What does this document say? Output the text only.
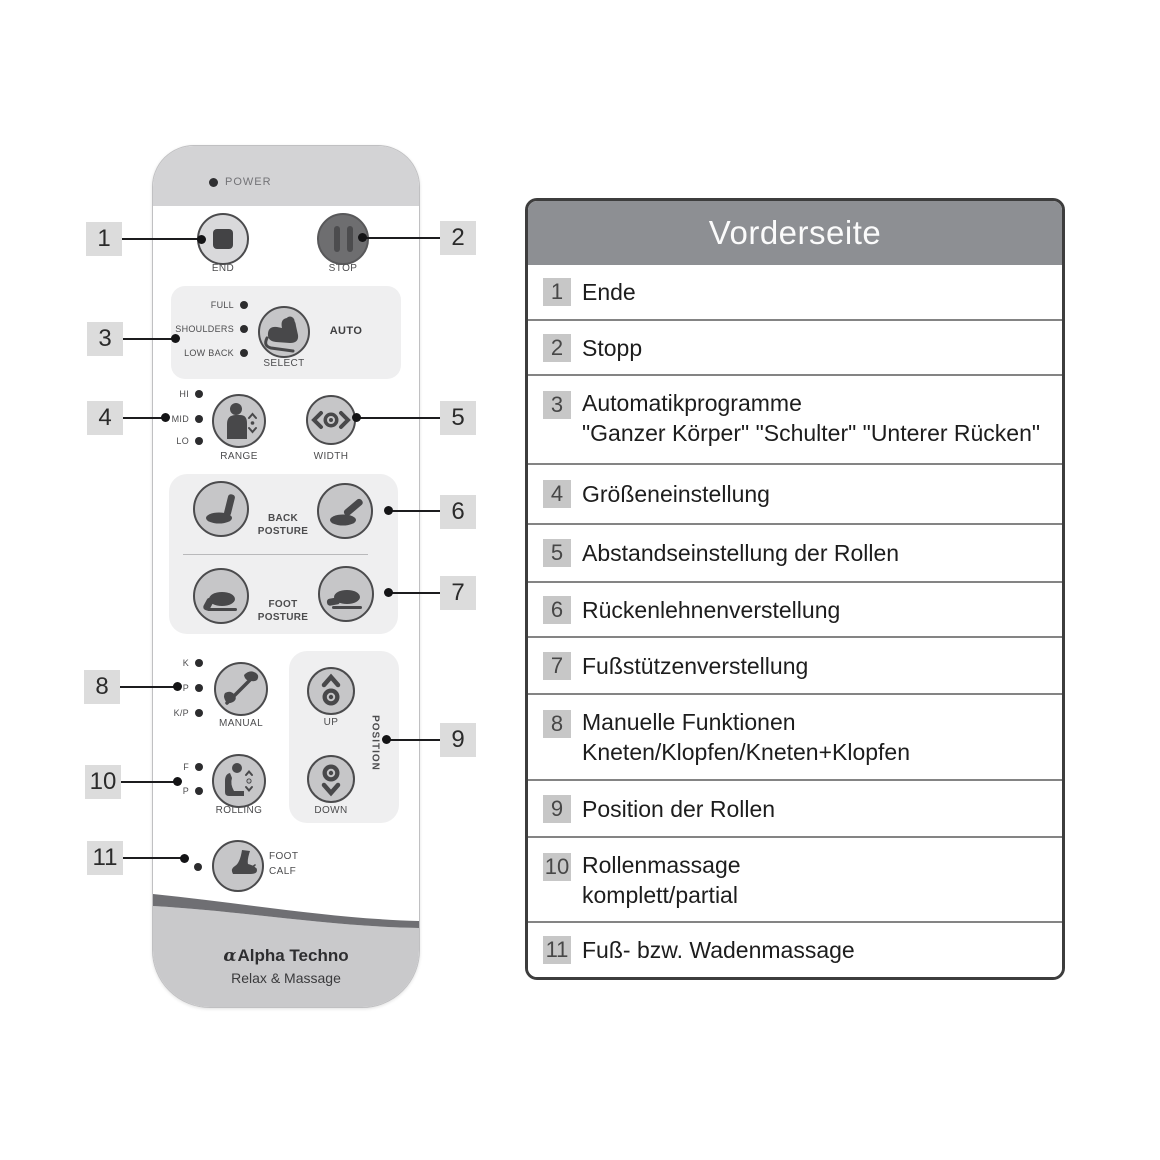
POWER
END	STOP
FULL
SHOULDERS
LOW BACK
SELECT
AUTO
HI
MID
LO
RANGE	WIDTH
BACK
POSTURE
FOOT
POSTURE
K
P
K/P
MANUAL	UP	POSITION
DOWN
F
P
ROLLING
FOOT
CALF
αAlpha Techno
Relax & Massage
1	2
3
4	5
6
7
8
9
10
11
Vorderseite
1 Ende
2 Stopp
3 Automatikprogramme
"Ganzer Körper" "Schulter" "Unterer Rücken"
4 Größeneinstellung
5 Abstandseinstellung der Rollen
6 Rückenlehnenverstellung
7 Fußstützenverstellung
8 Manuelle Funktionen
Kneten/Klopfen/Kneten+Klopfen
9 Position der Rollen
10 Rollenmassage
komplett/partial
11 Fuß- bzw. Wadenmassage
